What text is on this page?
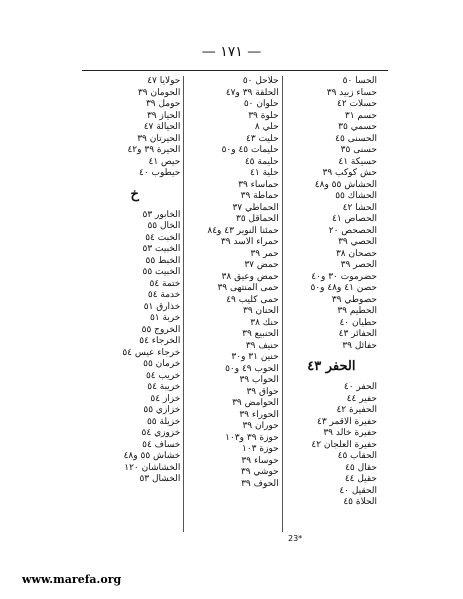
— ١٧١ —
الحسا ٥٠
حساء زبيد ٣٩
حسلات ٤٢
حسم ٣١
حسمي ٣٥
الحسنى ٤٥
حسنى ٣٥
حسيكة ٤١
حش كوكب ٣٩
الحشاش ٥٥ و٤٨
الحشاك ٥٥
الحشا ٤٢
الحصاص ٤١
الحصحص ٢٠
الحصي ٣٩
حصحان ٣٨
الحصر ٣٩
حضرموت ٣٠ و٤٠
حصن ٤١ و٤٨ و٥٠
حصوطي ٣٩
الحطيم ٣٩
حطيان ٤٠
الحفائر ٤٣
حفائل ٣٩
الحفر ٤٣
الحفر ٤٠
حفير ٤٤
الحفيرة ٤٢
حفيرة الاقمر ٤٣
حفيرة خالد ٣٩
حفيرة العلجان ٤٢
الحقاب ٤٥
حقال ٤٥
حقيل ٤٤
الحقيل ٤٠
الحلاة ٤٥
حلاحل ٥٠
الحلقة ٣٩ و٤٧
حلوان ٥٠
حلوة ٣٩
حلي ٨
حليت ٤٣
حليمات ٤٥ و٥٠
حليمة ٤٥
حلية ٤١
حماساء ٣٩
حماطة ٣٩
الحماطي ٣٧
الحماقل ٣٥
حمئنا النوير ٤٣ و٨٤
حمراء الاسد ٣٩
حمر ٣٩
حمض ٣٧
حمض وعيق ٣٨
حمى المنتهى ٣٩
حمى كليب ٤٩
الحنان ٣٩
حنك ٣٨
الحنبيع ٣٩
حنيف ٣٩
حنين ٣١ و٣٠
الحوب ٤٩ و٥٠
الحوأب ٣٩
حواق ٣٩
الحوامض ٣٩
الحوراء ٣٩
حوران ٣٩
حوزة ٣٩ و١٠٣
حوزة ١٠٣
حوساء ٣٩
حوشي ٣٩
الحوف ٣٩
حولايا ٤٧
الحومان ٣٩
حومل ٣٩
الحياز ٣٩
الحيالة ٤٧
الحيرتان ٣٩
الحيرة ٣٩ و٤٢
حيص ٤١
حيطوب ٤٠
خ
الخابور ٥٣
الخال ٥٥
الخبت ٥٤
الخبيت ٥٣
الخبط ٥٥
الخبيت ٥٥
ختمة ٥٤
خدمة ٥٤
خذارق ٥١
خربة ٥١
الخروج ٥٥
الخرجاء ٥٤
خرجاء عيس ٥٤
خرمان ٥٥
خريب ٥٤
خريبة ٥٤
خزاز ٥٤
خزازي ٥٥
خزيلة ٥٥
خزوزي ٥٤
خساف ٥٤
خشاش ٥٥ و٤٨
الخشاشان ١٢٠
الخشال ٥٣
23*
www.marefa.org
